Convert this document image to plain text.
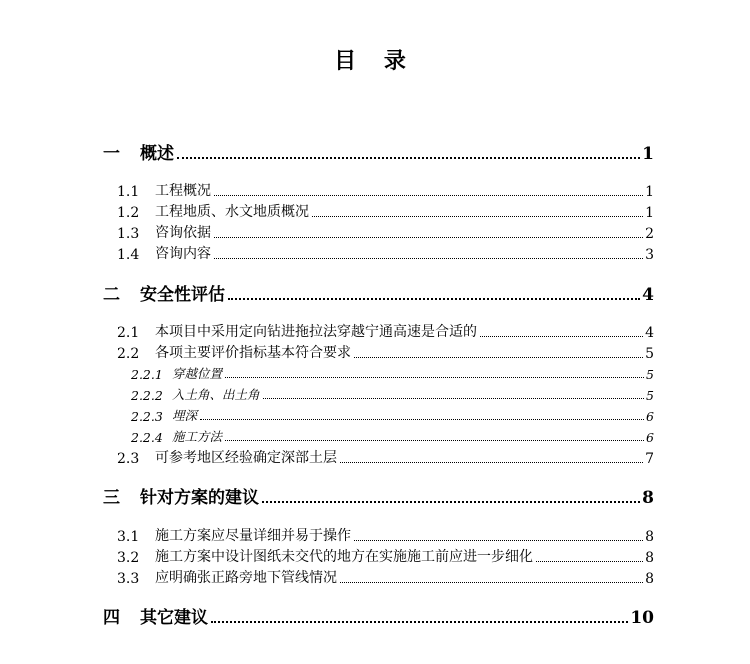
目 录
一	概述	1
1.1	工程概况	1
1.2	工程地质、水文地质概况	1
1.3	咨询依据	2
1.4	咨询内容	3
二	安全性评估	4
2.1	本项目中采用定向钻进拖拉法穿越宁通高速是合适的	4
2.2	各项主要评价指标基本符合要求	5
2.2.1 穿越位置	5
2.2.2 入土角、出土角	5
2.2.3 埋深	6
2.2.4 施工方法	6
2.3	可参考地区经验确定深部土层	7
三	针对方案的建议	8
3.1	施工方案应尽量详细并易于操作	8
3.2	施工方案中设计图纸未交代的地方在实施施工前应进一步细化	8
3.3	应明确张正路旁地下管线情况	8
四	其它建议	10
